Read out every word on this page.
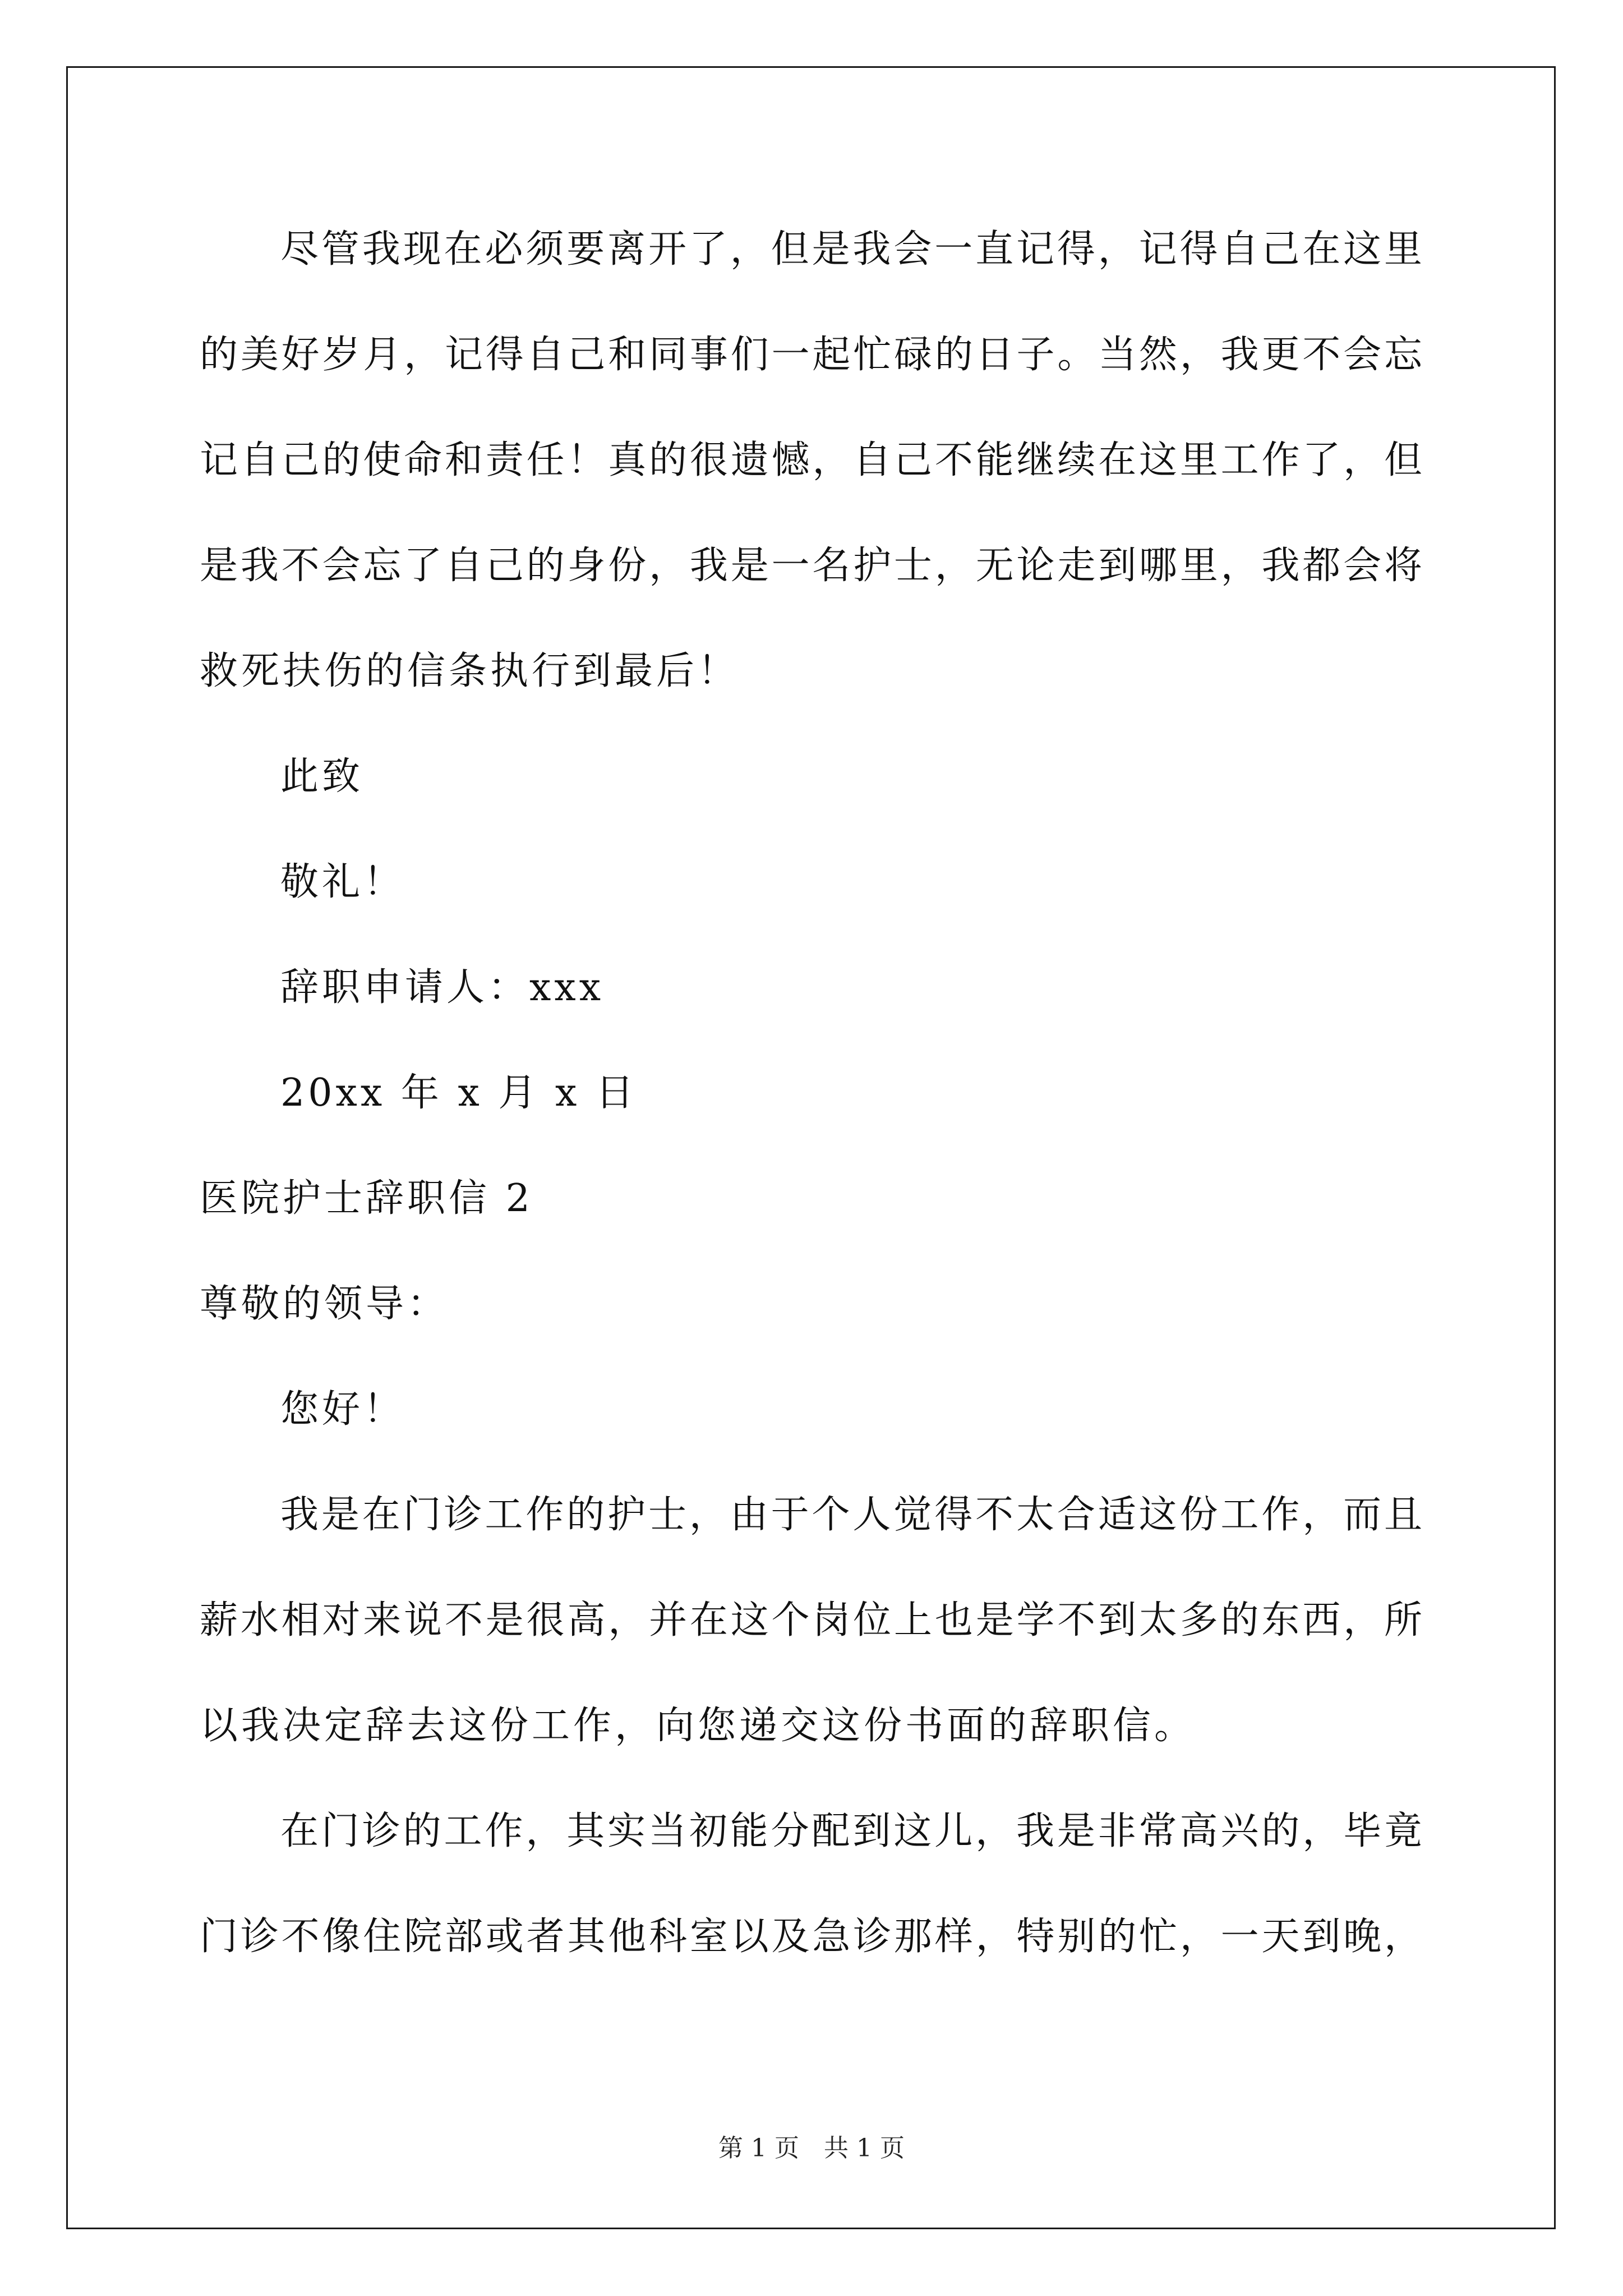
尽管我现在必须要离开了，但是我会一直记得，记得自己在这里
的美好岁月，记得自己和同事们一起忙碌的日子。当然，我更不会忘
记自己的使命和责任！真的很遗憾，自己不能继续在这里工作了，但
是我不会忘了自己的身份，我是一名护士，无论走到哪里，我都会将
救死扶伤的信条执行到最后！
此致
敬礼！
辞职申请人：xxx
20xx 年 x 月 x 日
医院护士辞职信 2
尊敬的领导：
您好！
我是在门诊工作的护士，由于个人觉得不太合适这份工作，而且
薪水相对来说不是很高，并在这个岗位上也是学不到太多的东西，所
以我决定辞去这份工作，向您递交这份书面的辞职信。
在门诊的工作，其实当初能分配到这儿，我是非常高兴的，毕竟
门诊不像住院部或者其他科室以及急诊那样，特别的忙，一天到晚，
第 1 页　共 1 页
